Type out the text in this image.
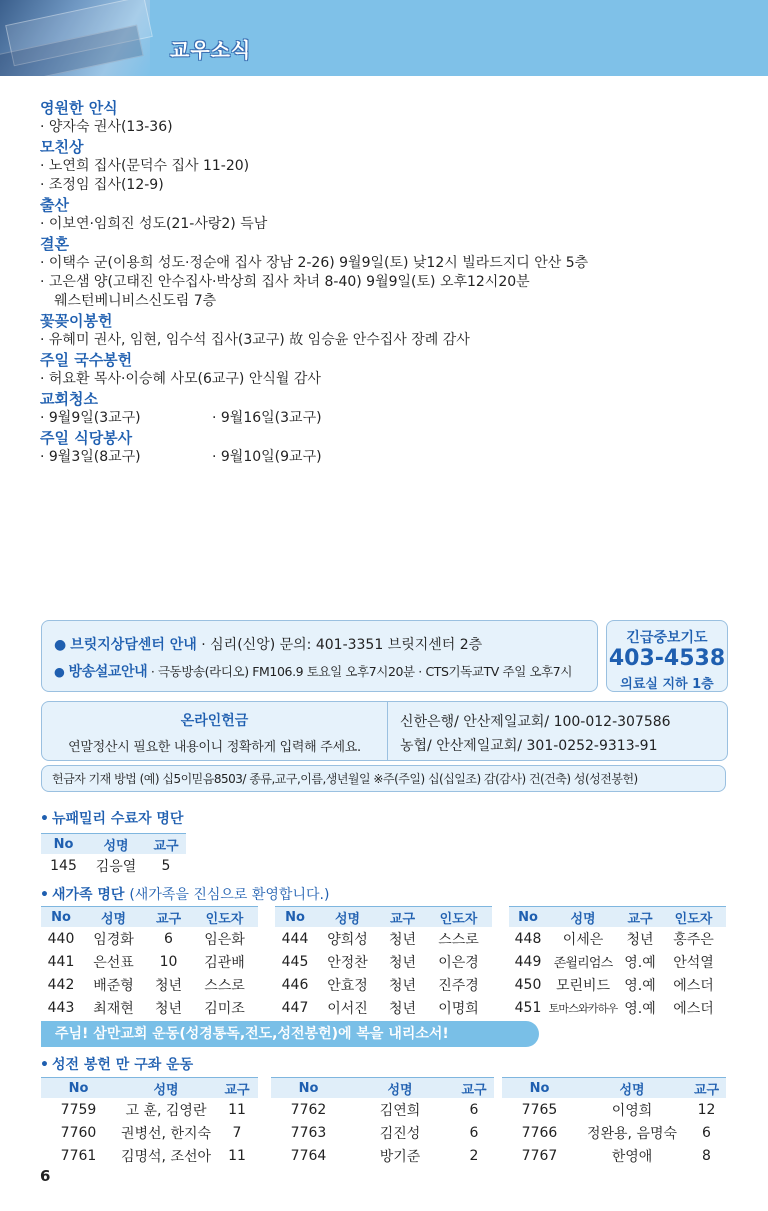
교우소식
영원한 안식
· 양자숙 권사(13-36)
모친상
· 노연희 집사(문덕수 집사 11-20)
· 조정임 집사(12-9)
출산
· 이보연·임희진 성도(21-사랑2) 득남
결혼
· 이택수 군(이용희 성도·정순애 집사 장남 2-26) 9월9일(토) 낮12시 빌라드지디 안산 5층
· 고은샘 양(고태진 안수집사·박상희 집사 차녀 8-40) 9월9일(토) 오후12시20분
웨스턴베니비스신도림 7층
꽃꽂이봉헌
· 유혜미 권사, 임현, 임수석 집사(3교구) 故 임승윤 안수집사 장례 감사
주일 국수봉헌
· 허요환 목사·이승혜 사모(6교구) 안식월 감사
교회청소
· 9월9일(3교구)	· 9월16일(3교구)
주일 식당봉사
· 9월3일(8교구)	· 9월10일(9교구)
● 브릿지상담센터 안내 · 심리(신앙) 문의: 401-3351 브릿지센터 2층
● 방송설교안내 · 극동방송(라디오) FM106.9 토요일 오후7시20분 · CTS기독교TV 주일 오후7시
긴급중보기도
403-4538
의료실 지하 1층
온라인헌금
연말정산시 필요한 내용이니 정확하게 입력해 주세요.
신한은행/ 안산제일교회/ 100-012-307586
농협/ 안산제일교회/ 301-0252-9313-91
헌금자 기재 방법 (예) 십5이믿음8503/ 종류,교구,이름,생년월일 ※주(주일) 십(십일조) 감(감사) 건(건축) 성(성전봉헌)
• 뉴패밀리 수료자 명단
No	성명	교구
145	김응열	5
• 새가족 명단 (새가족을 진심으로 환영합니다.)
No	성명	교구	인도자
440	임경화	6	임은화
441	은선표	10	김관배
442	배준형	청년	스스로
443	최재현	청년	김미조
No	성명	교구	인도자
444	양희성	청년	스스로
445	안정찬	청년	이은경
446	안효정	청년	진주경
447	이서진	청년	이명희
No	성명	교구	인도자
448	이세은	청년	홍주은
449	존윌리엄스	영.예	안석열
450	모린비드	영.예	에스더
451	토마스와카하우	영.예	에스더
주님! 삼만교회 운동(성경통독,전도,성전봉헌)에 복을 내리소서!
• 성전 봉헌 만 구좌 운동
No	성명	교구
7759	고 훈, 김영란	11
7760	권병선, 한지숙	7
7761	김명석, 조선아	11
No	성명	교구
7762	김연희	6
7763	김진성	6
7764	방기준	2
No	성명	교구
7765	이영희	12
7766	정완용, 음명숙	6
7767	한영애	8
6
